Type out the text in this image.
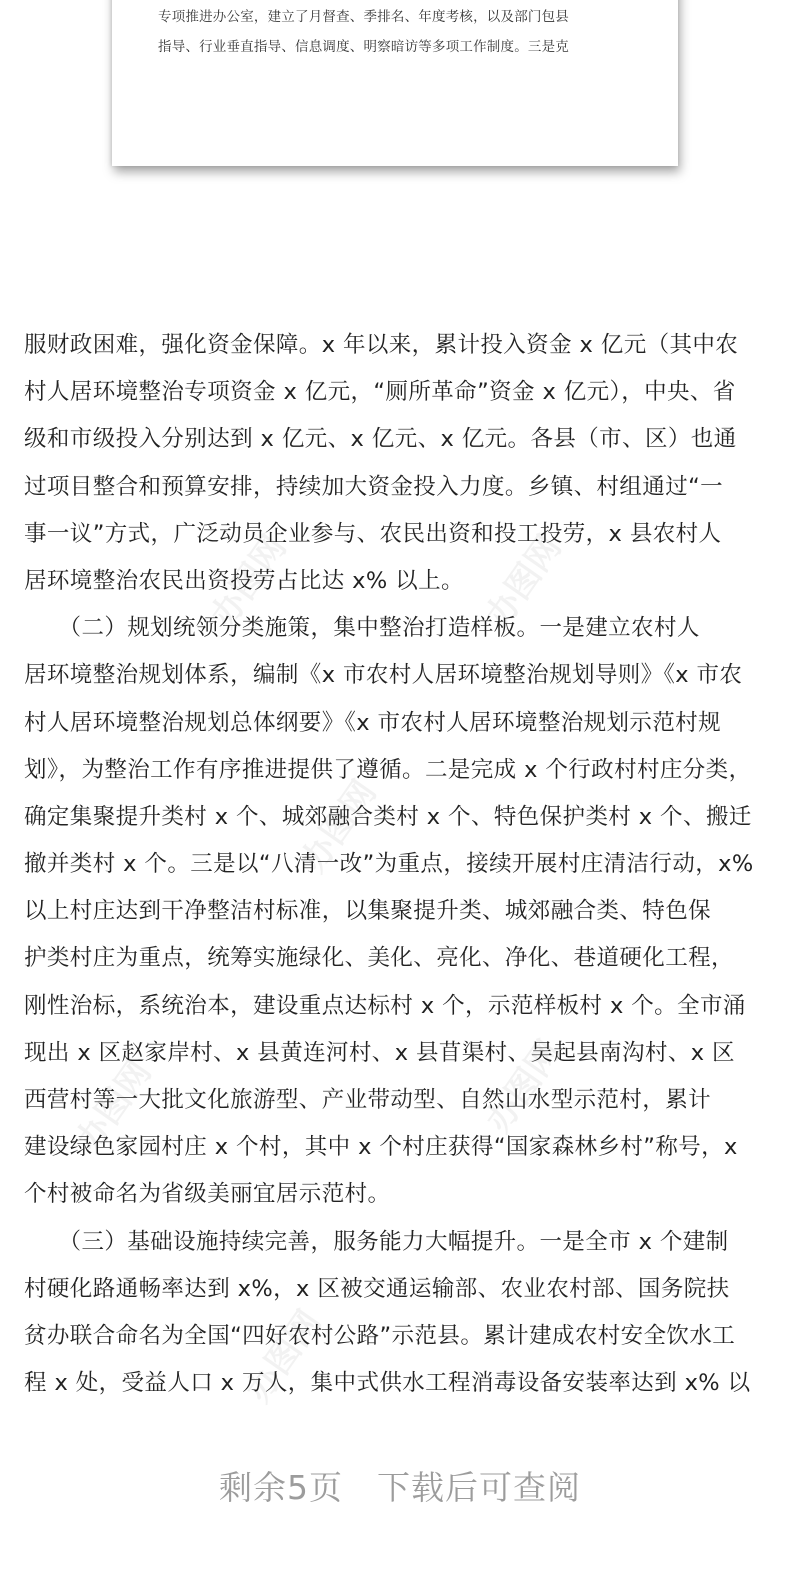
专项推进办公室，建立了月督查、季排名、年度考核，以及部门包县
指导、行业垂直指导、信息调度、明察暗访等多项工作制度。三是克
办图网	办图网
办图网
办图网	办图网
办图网
服财政困难，强化资金保障。x 年以来，累计投入资金 x 亿元（其中农
村人居环境整治专项资金 x 亿元，“厕所革命”资金 x 亿元），中央、省
级和市级投入分别达到 x 亿元、x 亿元、x 亿元。各县（市、区）也通
过项目整合和预算安排，持续加大资金投入力度。乡镇、村组通过“一
事一议”方式，广泛动员企业参与、农民出资和投工投劳，x 县农村人
居环境整治农民出资投劳占比达 x% 以上。
　　（二）规划统领分类施策，集中整治打造样板。一是建立农村人
居环境整治规划体系，编制《x 市农村人居环境整治规划导则》《x 市农
村人居环境整治规划总体纲要》《x 市农村人居环境整治规划示范村规
划》，为整治工作有序推进提供了遵循。二是完成 x 个行政村村庄分类，
确定集聚提升类村 x 个、城郊融合类村 x 个、特色保护类村 x 个、搬迁
撤并类村 x 个。三是以“八清一改”为重点，接续开展村庄清洁行动，x%
以上村庄达到干净整洁村标准，以集聚提升类、城郊融合类、特色保
护类村庄为重点，统筹实施绿化、美化、亮化、净化、巷道硬化工程，
刚性治标，系统治本，建设重点达标村 x 个，示范样板村 x 个。全市涌
现出 x 区赵家岸村、x 县黄连河村、x 县苜渠村、吴起县南沟村、x 区
西营村等一大批文化旅游型、产业带动型、自然山水型示范村，累计
建设绿色家园村庄 x 个村，其中 x 个村庄获得“国家森林乡村”称号，x
个村被命名为省级美丽宜居示范村。
　　（三）基础设施持续完善，服务能力大幅提升。一是全市 x 个建制
村硬化路通畅率达到 x%，x 区被交通运输部、农业农村部、国务院扶
贫办联合命名为全国“四好农村公路”示范县。累计建成农村安全饮水工
程 x 处，受益人口 x 万人，集中式供水工程消毒设备安装率达到 x% 以
剩余5页　下载后可查阅
